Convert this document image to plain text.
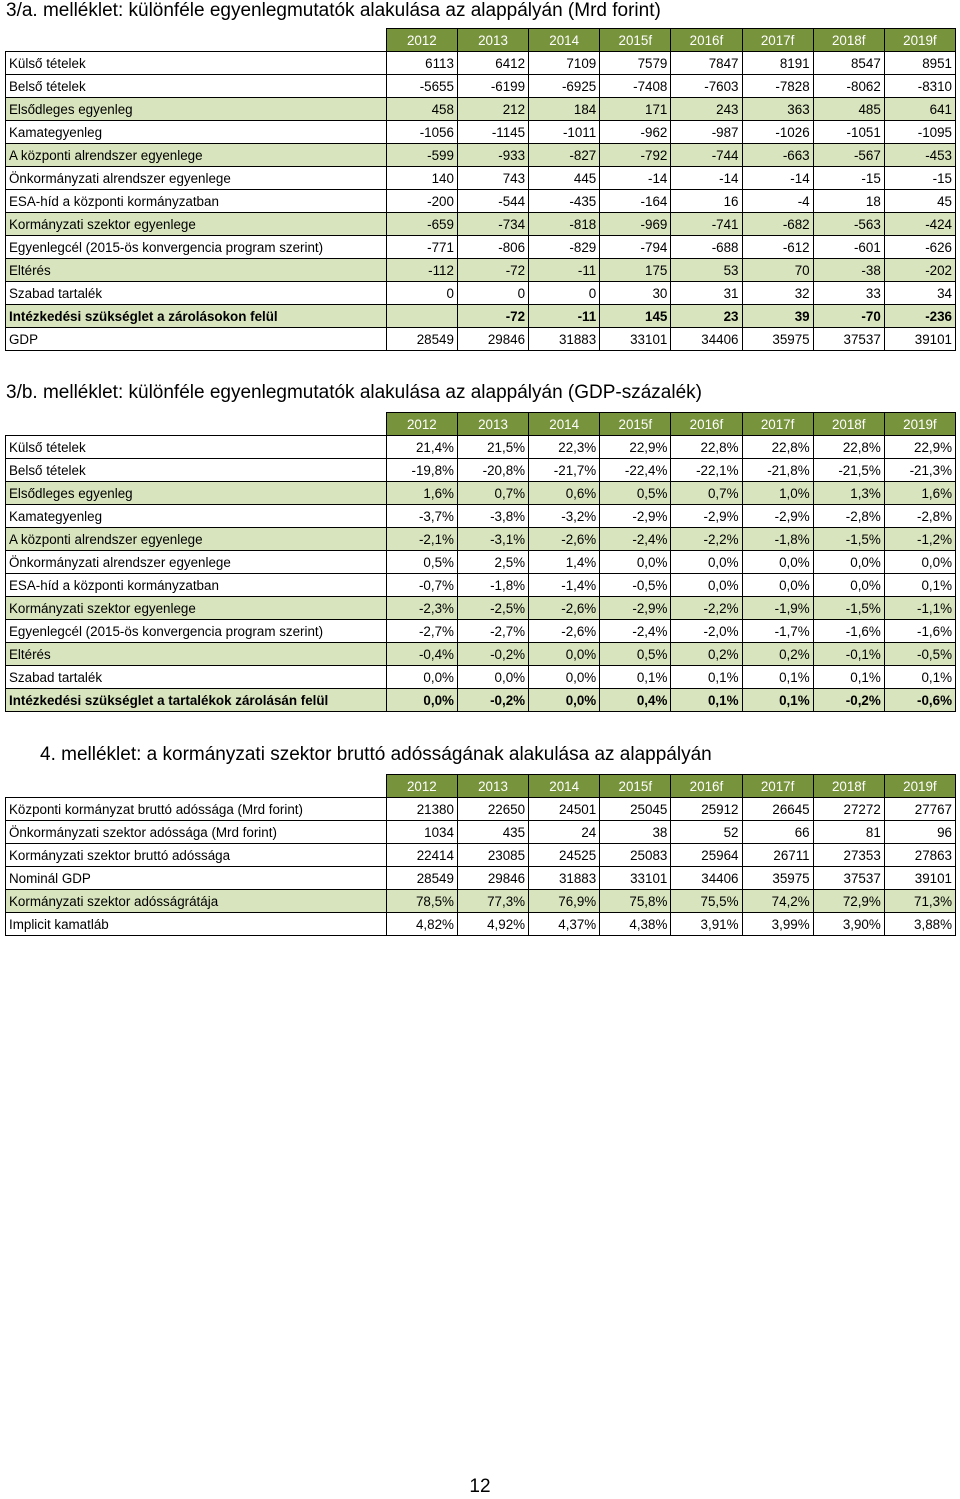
3/a. melléklet: különféle egyenlegmutatók alakulása az alappályán (Mrd forint)
	2012	2013	2014	2015f	2016f	2017f	2018f	2019f
Külső tételek	6113	6412	7109	7579	7847	8191	8547	8951
Belső tételek	-5655	-6199	-6925	-7408	-7603	-7828	-8062	-8310
Elsődleges egyenleg	458	212	184	171	243	363	485	641
Kamategyenleg	-1056	-1145	-1011	-962	-987	-1026	-1051	-1095
A központi alrendszer egyenlege	-599	-933	-827	-792	-744	-663	-567	-453
Önkormányzati alrendszer egyenlege	140	743	445	-14	-14	-14	-15	-15
ESA-híd a központi kormányzatban	-200	-544	-435	-164	16	-4	18	45
Kormányzati szektor egyenlege	-659	-734	-818	-969	-741	-682	-563	-424
Egyenlegcél (2015-ös konvergencia program szerint)	-771	-806	-829	-794	-688	-612	-601	-626
Eltérés	-112	-72	-11	175	53	70	-38	-202
Szabad tartalék	0	0	0	30	31	32	33	34
Intézkedési szükséglet a zárolásokon felül		-72	-11	145	23	39	-70	-236
GDP	28549	29846	31883	33101	34406	35975	37537	39101
3/b. melléklet: különféle egyenlegmutatók alakulása az alappályán (GDP-százalék)
	2012	2013	2014	2015f	2016f	2017f	2018f	2019f
Külső tételek	21,4%	21,5%	22,3%	22,9%	22,8%	22,8%	22,8%	22,9%
Belső tételek	-19,8%	-20,8%	-21,7%	-22,4%	-22,1%	-21,8%	-21,5%	-21,3%
Elsődleges egyenleg	1,6%	0,7%	0,6%	0,5%	0,7%	1,0%	1,3%	1,6%
Kamategyenleg	-3,7%	-3,8%	-3,2%	-2,9%	-2,9%	-2,9%	-2,8%	-2,8%
A központi alrendszer egyenlege	-2,1%	-3,1%	-2,6%	-2,4%	-2,2%	-1,8%	-1,5%	-1,2%
Önkormányzati alrendszer egyenlege	0,5%	2,5%	1,4%	0,0%	0,0%	0,0%	0,0%	0,0%
ESA-híd a központi kormányzatban	-0,7%	-1,8%	-1,4%	-0,5%	0,0%	0,0%	0,0%	0,1%
Kormányzati szektor egyenlege	-2,3%	-2,5%	-2,6%	-2,9%	-2,2%	-1,9%	-1,5%	-1,1%
Egyenlegcél (2015-ös konvergencia program szerint)	-2,7%	-2,7%	-2,6%	-2,4%	-2,0%	-1,7%	-1,6%	-1,6%
Eltérés	-0,4%	-0,2%	0,0%	0,5%	0,2%	0,2%	-0,1%	-0,5%
Szabad tartalék	0,0%	0,0%	0,0%	0,1%	0,1%	0,1%	0,1%	0,1%
Intézkedési szükséglet a tartalékok zárolásán felül	0,0%	-0,2%	0,0%	0,4%	0,1%	0,1%	-0,2%	-0,6%
4. melléklet: a kormányzati szektor bruttó adósságának alakulása az alappályán
	2012	2013	2014	2015f	2016f	2017f	2018f	2019f
Központi kormányzat bruttó adóssága (Mrd forint)	21380	22650	24501	25045	25912	26645	27272	27767
Önkormányzati szektor adóssága (Mrd forint)	1034	435	24	38	52	66	81	96
Kormányzati szektor bruttó adóssága	22414	23085	24525	25083	25964	26711	27353	27863
Nominál GDP	28549	29846	31883	33101	34406	35975	37537	39101
Kormányzati szektor adósságrátája	78,5%	77,3%	76,9%	75,8%	75,5%	74,2%	72,9%	71,3%
Implicit kamatláb	4,82%	4,92%	4,37%	4,38%	3,91%	3,99%	3,90%	3,88%
12
